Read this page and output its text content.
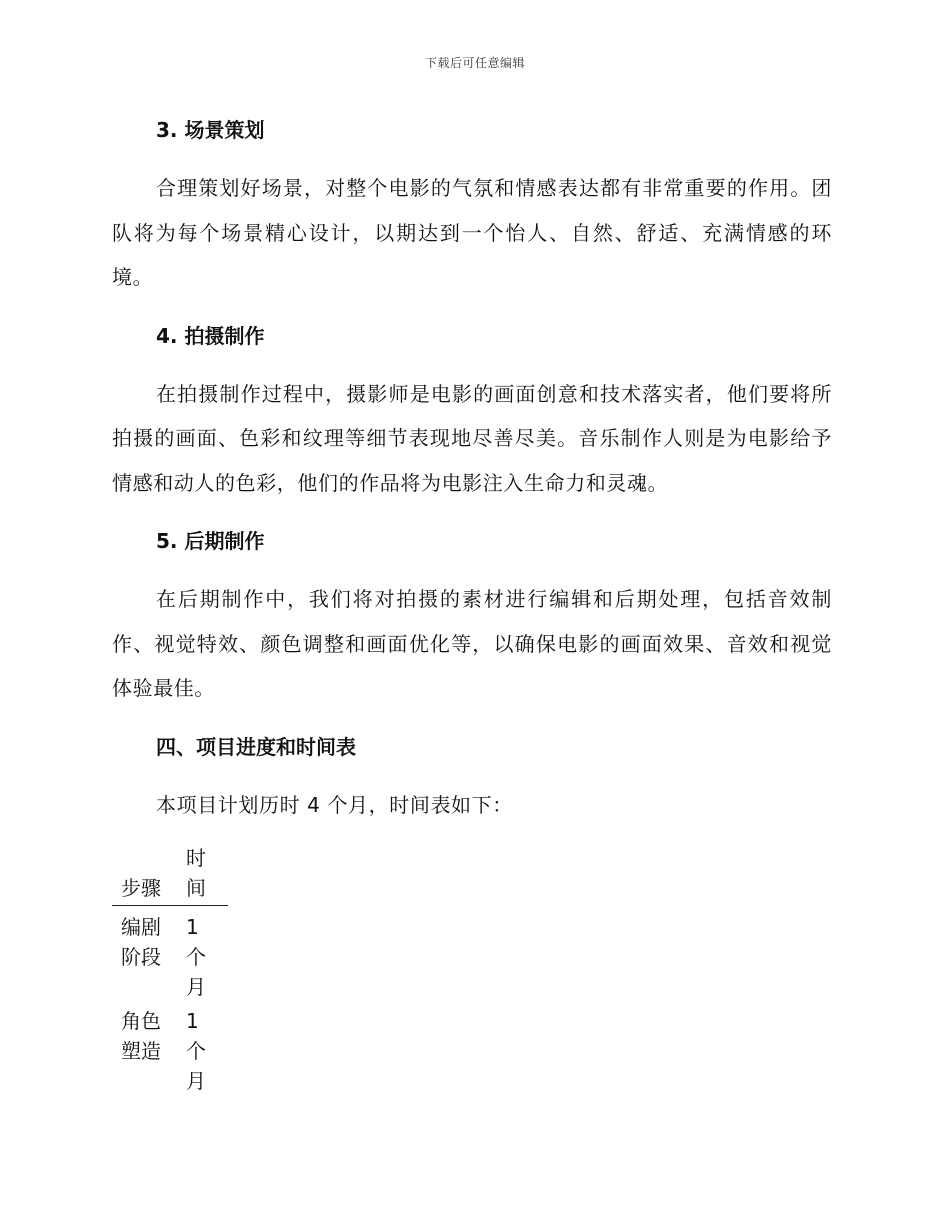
下载后可任意编辑
3. 场景策划

合理策划好场景，对整个电影的气氛和情感表达都有非常重要的作用。团队将为每个场景精心设计，以期达到一个怡人、自然、舒适、充满情感的环境。

4. 拍摄制作

在拍摄制作过程中，摄影师是电影的画面创意和技术落实者，他们要将所拍摄的画面、色彩和纹理等细节表现地尽善尽美。音乐制作人则是为电影给予情感和动人的色彩，他们的作品将为电影注入生命力和灵魂。

5. 后期制作

在后期制作中，我们将对拍摄的素材进行编辑和后期处理，包括音效制作、视觉特效、颜色调整和画面优化等，以确保电影的画面效果、音效和视觉体验最佳。

四、项目进度和时间表

本项目计划历时 4 个月，时间表如下：

步骤	时间
编剧阶段	1 个月
角色塑造	1 个月
